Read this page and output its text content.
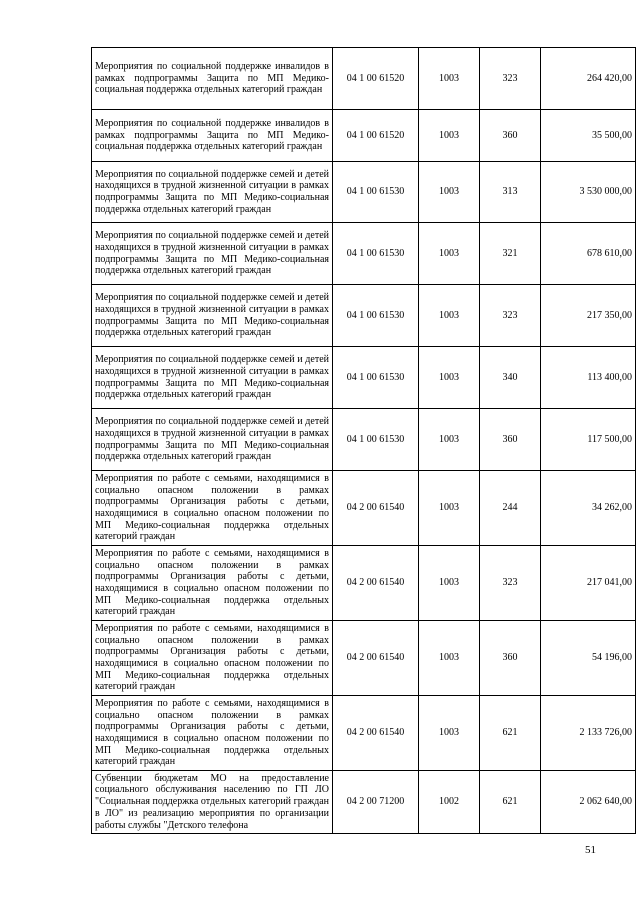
Мероприятия по социальной поддержке инвалидов в рамках подпрограммы Защита по МП Медико-социальная поддержка отдельных категорий граждан	04 1 00 61520	1003	323	264 420,00
Мероприятия по социальной поддержке инвалидов в рамках подпрограммы Защита по МП Медико-социальная поддержка отдельных категорий граждан	04 1 00 61520	1003	360	35 500,00
Мероприятия по социальной поддержке семей и детей находящихся в трудной жизненной ситуации в рамках подпрограммы Защита по МП Медико-социальная поддержка отдельных категорий граждан	04 1 00 61530	1003	313	3 530 000,00
Мероприятия по социальной поддержке семей и детей находящихся в трудной жизненной ситуации в рамках подпрограммы Защита по МП Медико-социальная поддержка отдельных категорий граждан	04 1 00 61530	1003	321	678 610,00
Мероприятия по социальной поддержке семей и детей находящихся в трудной жизненной ситуации в рамках подпрограммы Защита по МП Медико-социальная поддержка отдельных категорий граждан	04 1 00 61530	1003	323	217 350,00
Мероприятия по социальной поддержке семей и детей находящихся в трудной жизненной ситуации в рамках подпрограммы Защита по МП Медико-социальная поддержка отдельных категорий граждан	04 1 00 61530	1003	340	113 400,00
Мероприятия по социальной поддержке семей и детей находящихся в трудной жизненной ситуации в рамках подпрограммы Защита по МП Медико-социальная поддержка отдельных категорий граждан	04 1 00 61530	1003	360	117 500,00
Мероприятия по работе с семьями, находящимися в социально опасном положении в рамках подпрограммы Организация работы с детьми, находящимися в социально опасном положении по МП Медико-социальная поддержка отдельных категорий граждан	04 2 00 61540	1003	244	34 262,00
Мероприятия по работе с семьями, находящимися в социально опасном положении в рамках подпрограммы Организация работы с детьми, находящимися в социально опасном положении по МП Медико-социальная поддержка отдельных категорий граждан	04 2 00 61540	1003	323	217 041,00
Мероприятия по работе с семьями, находящимися в социально опасном положении в рамках подпрограммы Организация работы с детьми, находящимися в социально опасном положении по МП Медико-социальная поддержка отдельных категорий граждан	04 2 00 61540	1003	360	54 196,00
Мероприятия по работе с семьями, находящимися в социально опасном положении в рамках подпрограммы Организация работы с детьми, находящимися в социально опасном положении по МП Медико-социальная поддержка отдельных категорий граждан	04 2 00 61540	1003	621	2 133 726,00
Субвенции бюджетам МО на предоставление социального обслуживания населению по ГП ЛО "Социальная поддержка отдельных категорий граждан в ЛО" из реализацию мероприятия по организации работы службы "Детского телефона	04 2 00 71200	1002	621	2 062 640,00
51
